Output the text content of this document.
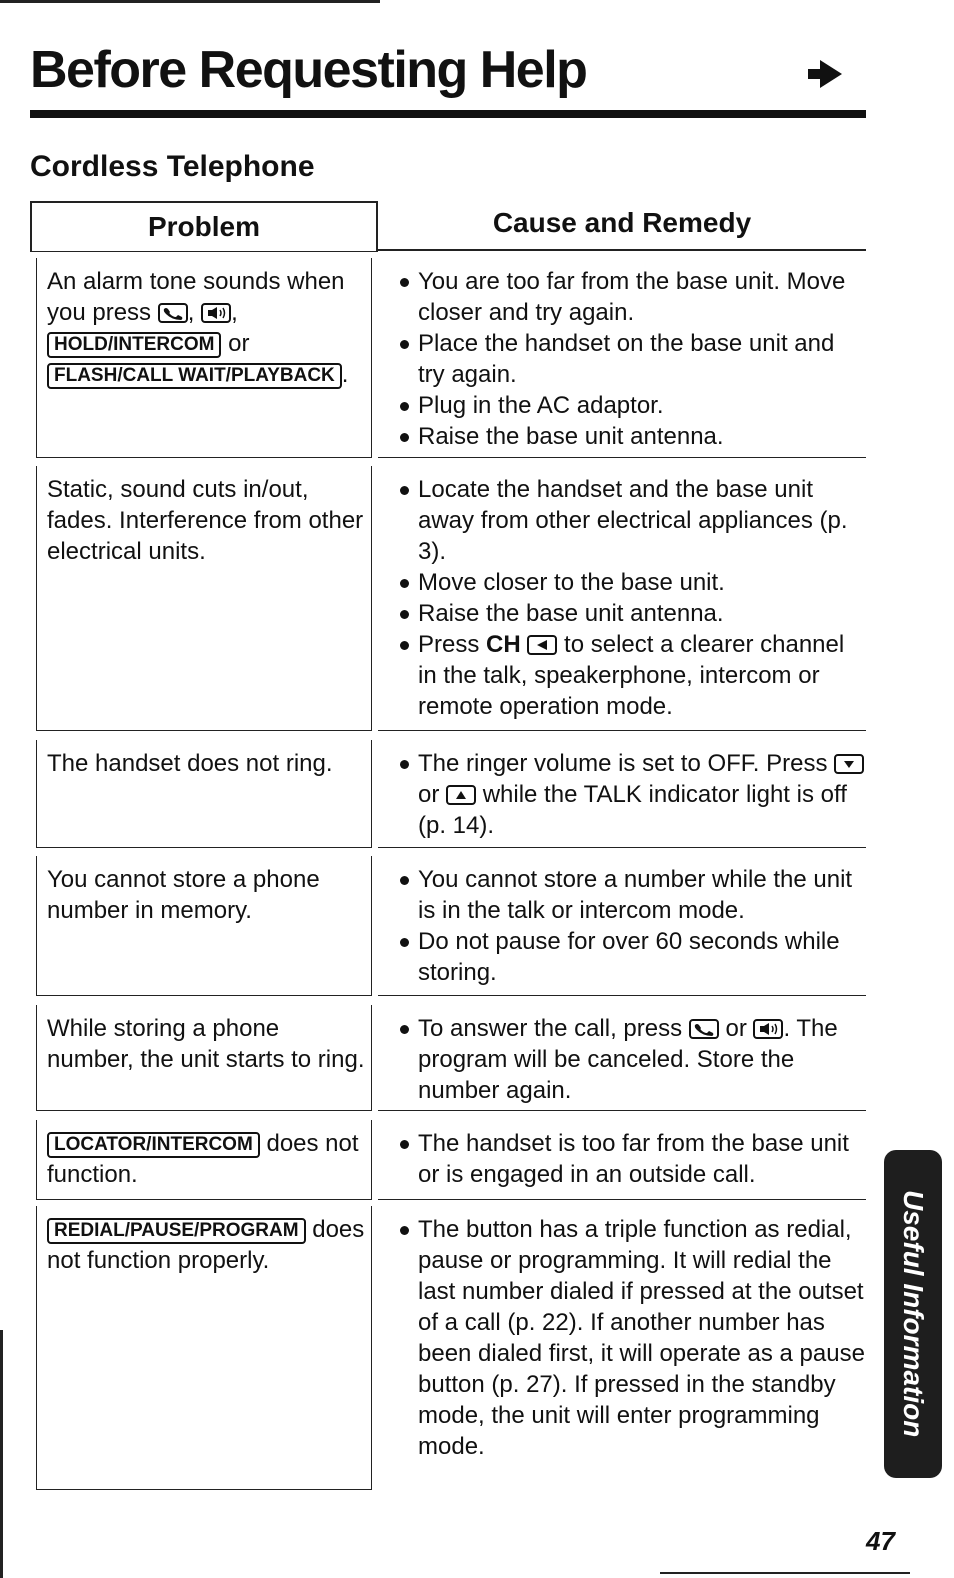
Before Requesting Help
Cordless Telephone
Problem	Cause and Remedy
An alarm tone sounds when you press , , HOLD/INTERCOM or FLASH/CALL WAIT/PLAYBACK .
You are too far from the base unit. Move closer and try again.
Place the handset on the base unit and try again.
Plug in the AC adaptor.
Raise the base unit antenna.
Static, sound cuts in/out, fades. Interference from other electrical units.
Locate the handset and the base unit away from other electrical appliances (p. 3).
Move closer to the base unit.
Raise the base unit antenna.
Press CH to select a clearer channel in the talk, speakerphone, intercom or remote operation mode.
The handset does not ring.	The ringer volume is set to OFF. Press
or while the TALK indicator light is off (p. 14).
You cannot store a phone number in memory.
You cannot store a number while the unit is in the talk or intercom mode.
Do not pause for over 60 seconds while storing.
While storing a phone number, the unit starts to ring.
To answer the call, press or . The program will be canceled. Store the number again.
LOCATOR/INTERCOM does not function.
The handset is too far from the base unit or is engaged in an outside call.
REDIAL/PAUSE/PROGRAM does not function properly.
The button has a triple function as redial, pause or programming. It will redial the last number dialed if pressed at the outset of a call (p. 22). If another number has been dialed first, it will operate as a pause button (p. 27). If pressed in the standby mode, the unit will enter programming mode.
Useful Information
47
